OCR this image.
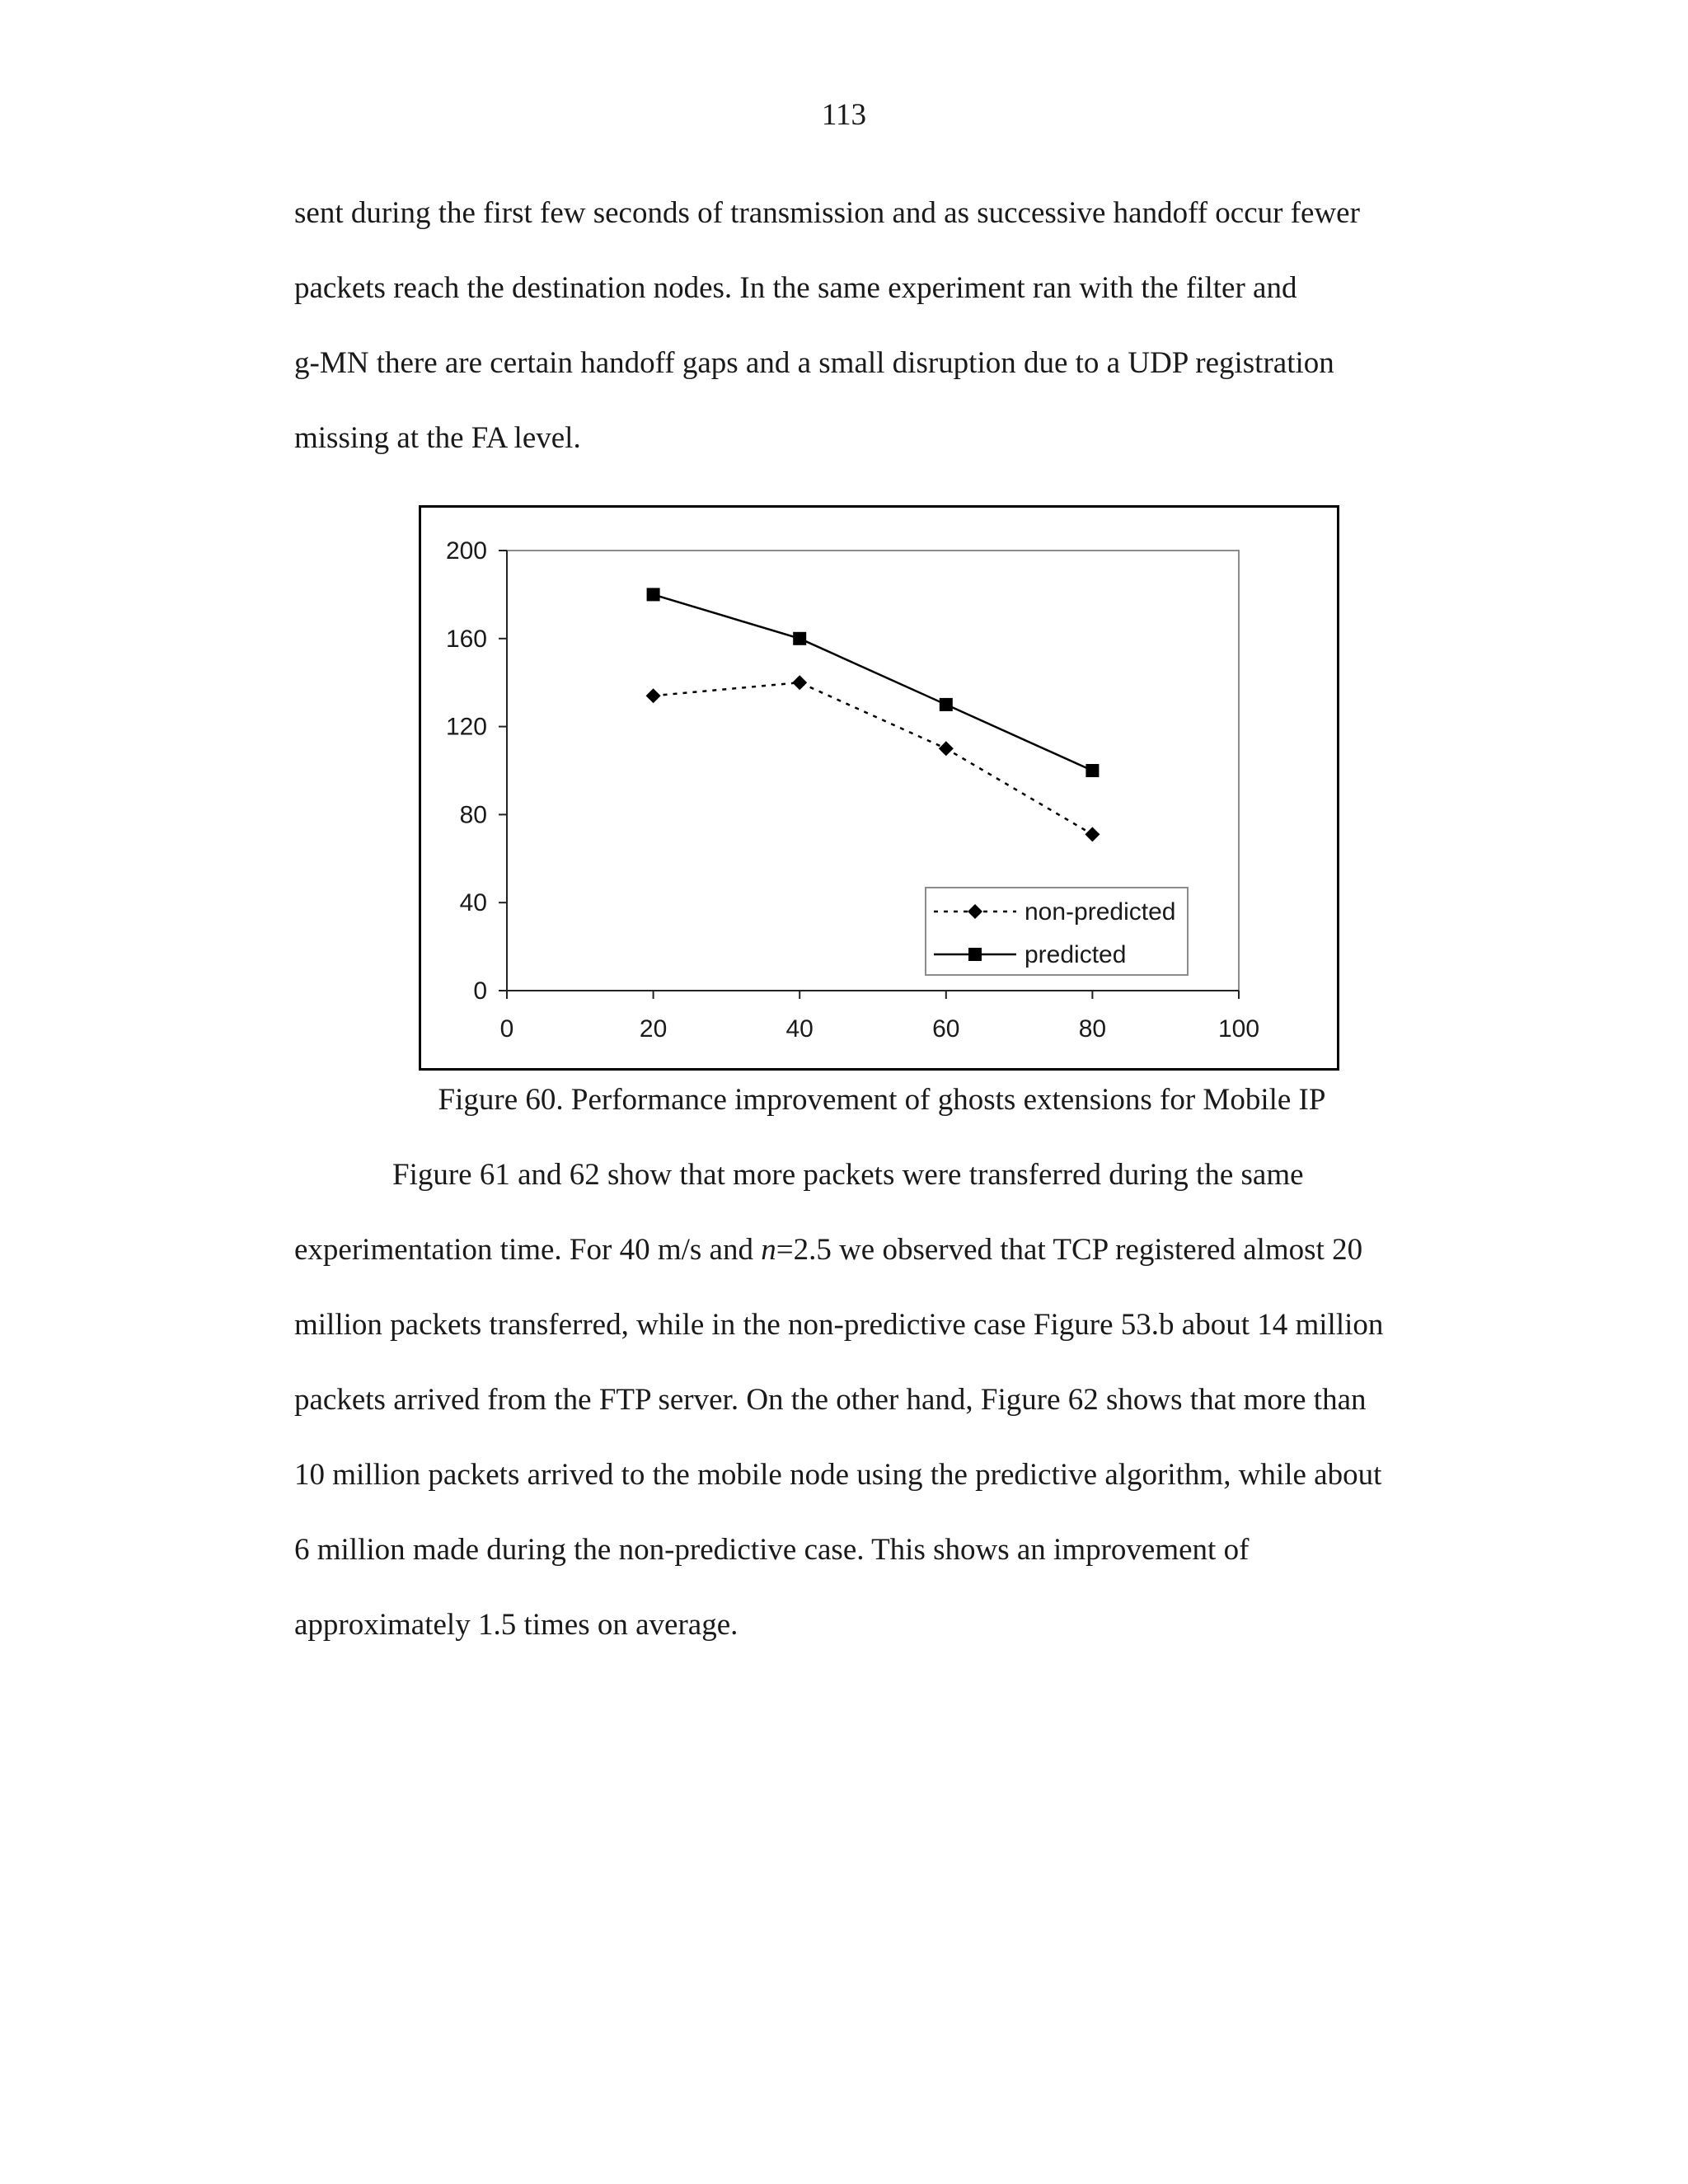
113
sent during the first few seconds of transmission and as successive handoff occur fewer
packets reach the destination nodes. In the same experiment ran with the filter and
g-MN there are certain handoff gaps and a small disruption due to a UDP registration
missing at the FA level.
0
40
80
120
160
200
0	20	40	60	80	100
non-predicted
predicted
Figure 60. Performance improvement of ghosts extensions for Mobile IP
Figure 61 and 62 show that more packets were transferred during the same
experimentation time. For 40 m/s and n=2.5 we observed that TCP registered almost 20
million packets transferred, while in the non-predictive case Figure 53.b about 14 million
packets arrived from the FTP server. On the other hand, Figure 62 shows that more than
10 million packets arrived to the mobile node using the predictive algorithm, while about
6 million made during the non-predictive case. This shows an improvement of
approximately 1.5 times on average.
